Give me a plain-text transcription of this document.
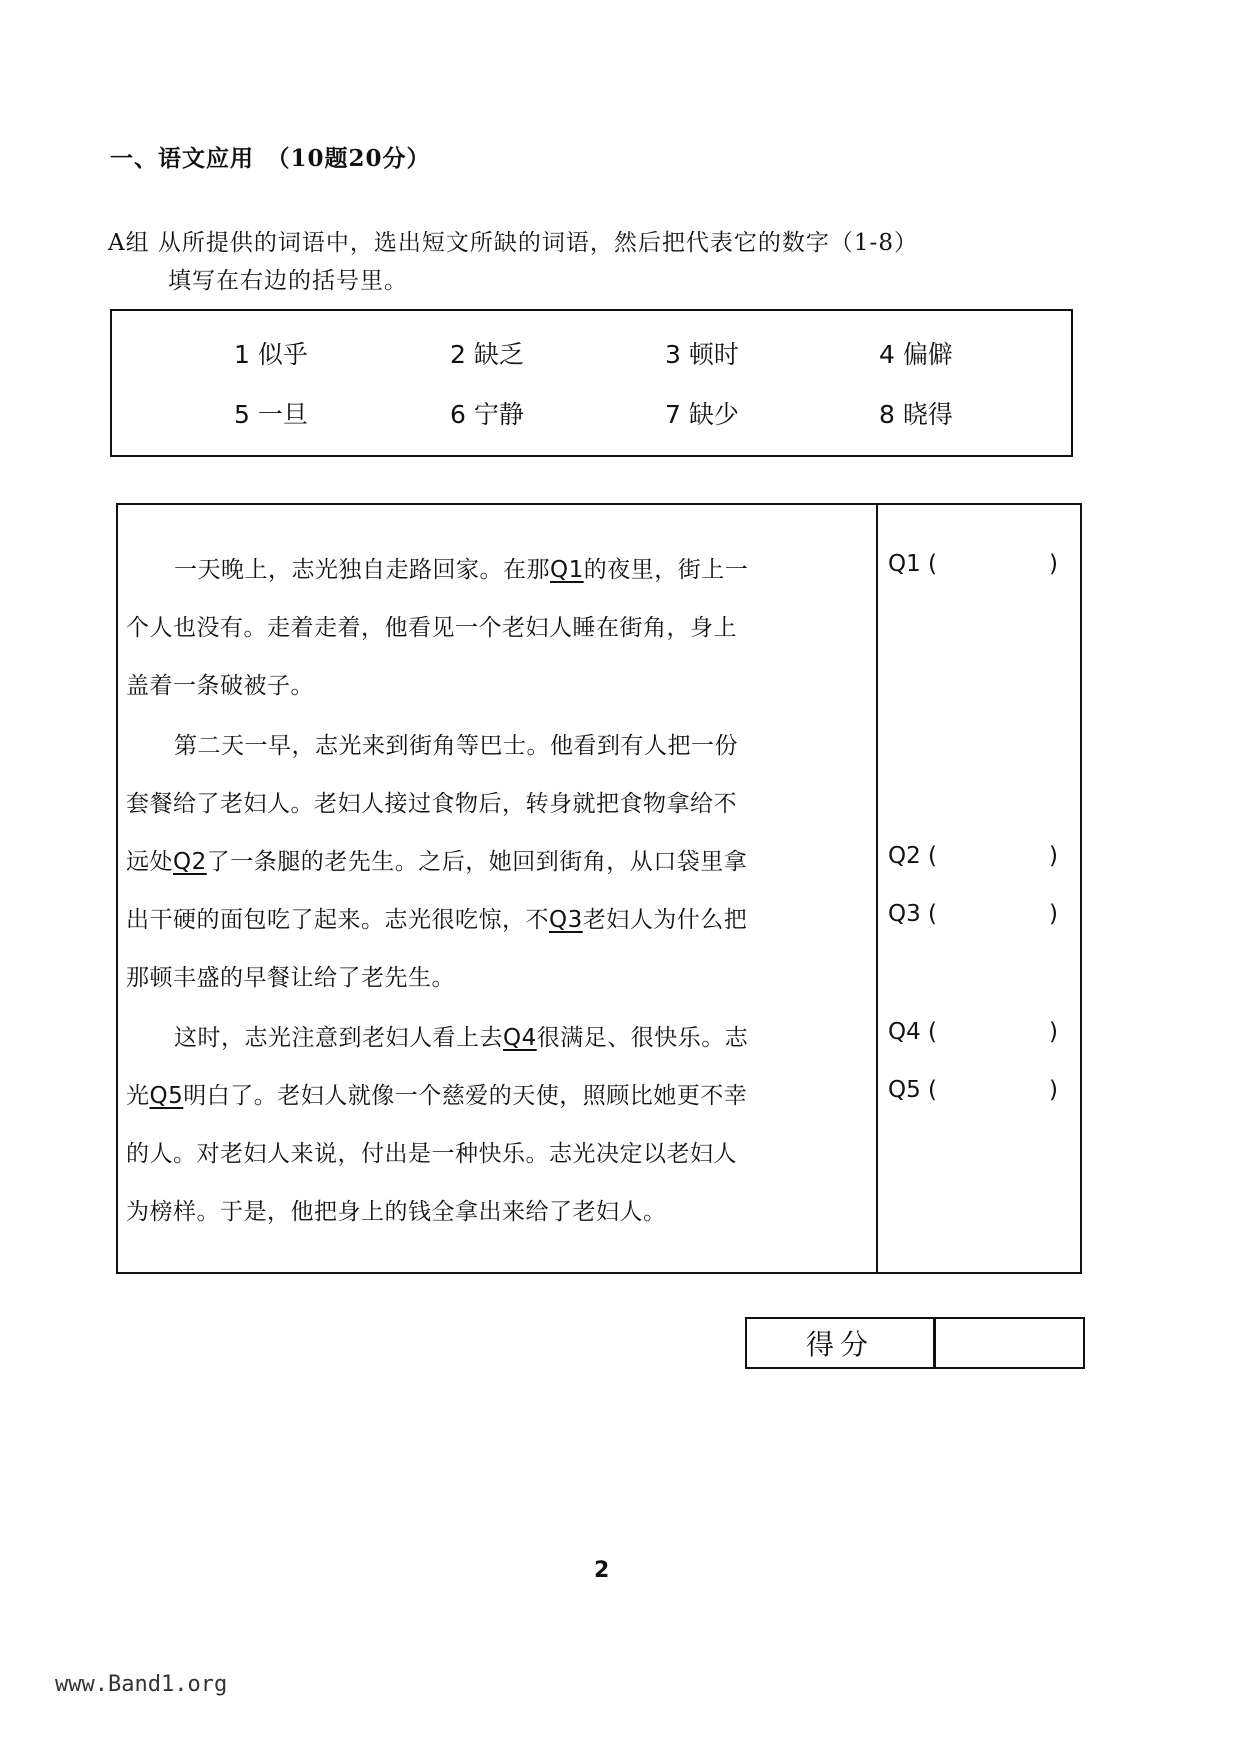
一、语文应用　（10题20分）
A组 从所提供的词语中，选出短文所缺的词语，然后把代表它的数字（1-8）
填写在右边的括号里。
1 似乎	2 缺乏	3 顿时	4 偏僻
5 一旦	6 宁静	7 缺少	8 晓得
一天晚上，志光独自走路回家。在那Q1的夜里，街上一
个人也没有。走着走着，他看见一个老妇人睡在街角，身上
盖着一条破被子。
第二天一早，志光来到街角等巴士。他看到有人把一份
套餐给了老妇人。老妇人接过食物后，转身就把食物拿给不
远处Q2了一条腿的老先生。之后，她回到街角，从口袋里拿
出干硬的面包吃了起来。志光很吃惊，不Q3老妇人为什么把
那顿丰盛的早餐让给了老先生。
这时，志光注意到老妇人看上去Q4很满足、很快乐。志
光Q5明白了。老妇人就像一个慈爱的天使，照顾比她更不幸
的人。对老妇人来说，付出是一种快乐。志光决定以老妇人
为榜样。于是，他把身上的钱全拿出来给了老妇人。
Q1 (	)
Q2 (	)
Q3 (	)
Q4 (	)
Q5 (	)
得分
2
www.Band1.org
